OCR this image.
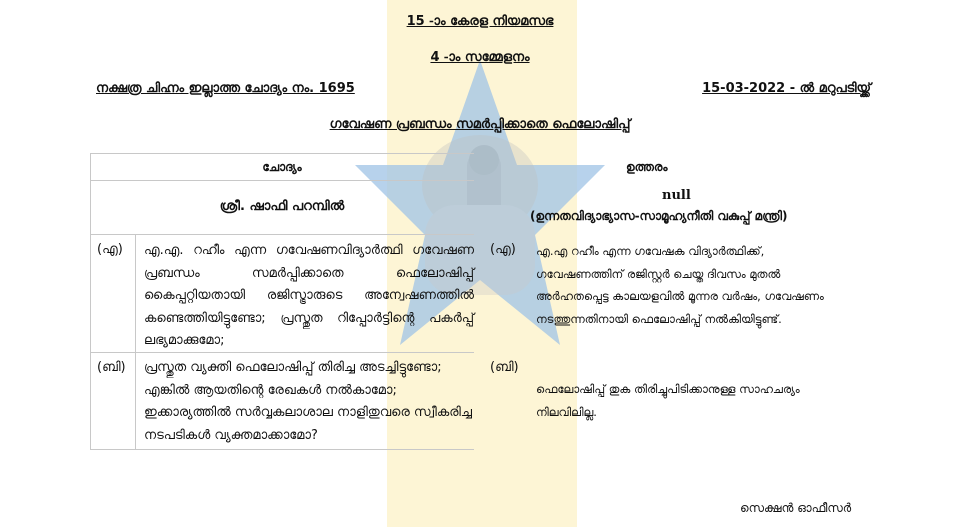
15 -ാം കേരള നിയമസഭ
4 -ാം സമ്മേളനം
നക്ഷത്ര ചിഹ്നം ഇല്ലാത്ത ചോദ്യം നം. 1695	15-03-2022 - ൽ മറുപടിയ്ക്ക്
ഗവേഷണ പ്രബന്ധം സമർപ്പിക്കാതെ ഫെലോഷിപ്പ്
ചോദ്യം	ഉത്തരം
ശ്രീ. ഷാഫി പറമ്പിൽ
null
(ഉന്നതവിദ്യാഭ്യാസ-സാമൂഹ്യനീതി വകുപ്പ് മന്ത്രി)
(എ) എ.എ. റഹീം എന്ന ഗവേഷണവിദ്യാർത്ഥി ഗവേഷണ പ്രബന്ധം സമർപ്പിക്കാതെ ഫെലോഷിപ്പ് കൈപ്പറ്റിയതായി രജിസ്ട്രാരുടെ അന്വേഷണത്തിൽ കണ്ടെത്തിയിട്ടുണ്ടോ; പ്രസ്തുത റിപ്പോർട്ടിന്റെ പകർപ്പ് ലഭ്യമാക്കുമോ;
(എ) എ.എ റഹീം എന്ന ഗവേഷക വിദ്യാർത്ഥിക്ക്, ഗവേഷണത്തിന് രജിസ്റ്റർ ചെയ്ത ദിവസം മുതൽ അർഹതപ്പെട്ട കാലയളവിൽ മൂന്നര വർഷം, ഗവേഷണം നടത്തുന്നതിനായി ഫെലോഷിപ്പ് നൽകിയിട്ടുണ്ട്.
(ബി) പ്രസ്തുത വ്യക്തി ഫെലോഷിപ്പ് തിരിച്ച അടച്ചിട്ടുണ്ടോ; എങ്കിൽ ആയതിന്റെ രേഖകൾ നൽകാമോ; ഇക്കാര്യത്തിൽ സർവ്വകലാശാല നാളിതുവരെ സ്വീകരിച്ച നടപടികൾ വ്യക്തമാക്കാമോ?
(ബി)
ഫെലോഷിപ്പ് തുക തിരിച്ചുപിടിക്കാനുള്ള സാഹചര്യം നിലവിലില്ല.
സെക്ഷൻ ഓഫീസർ
